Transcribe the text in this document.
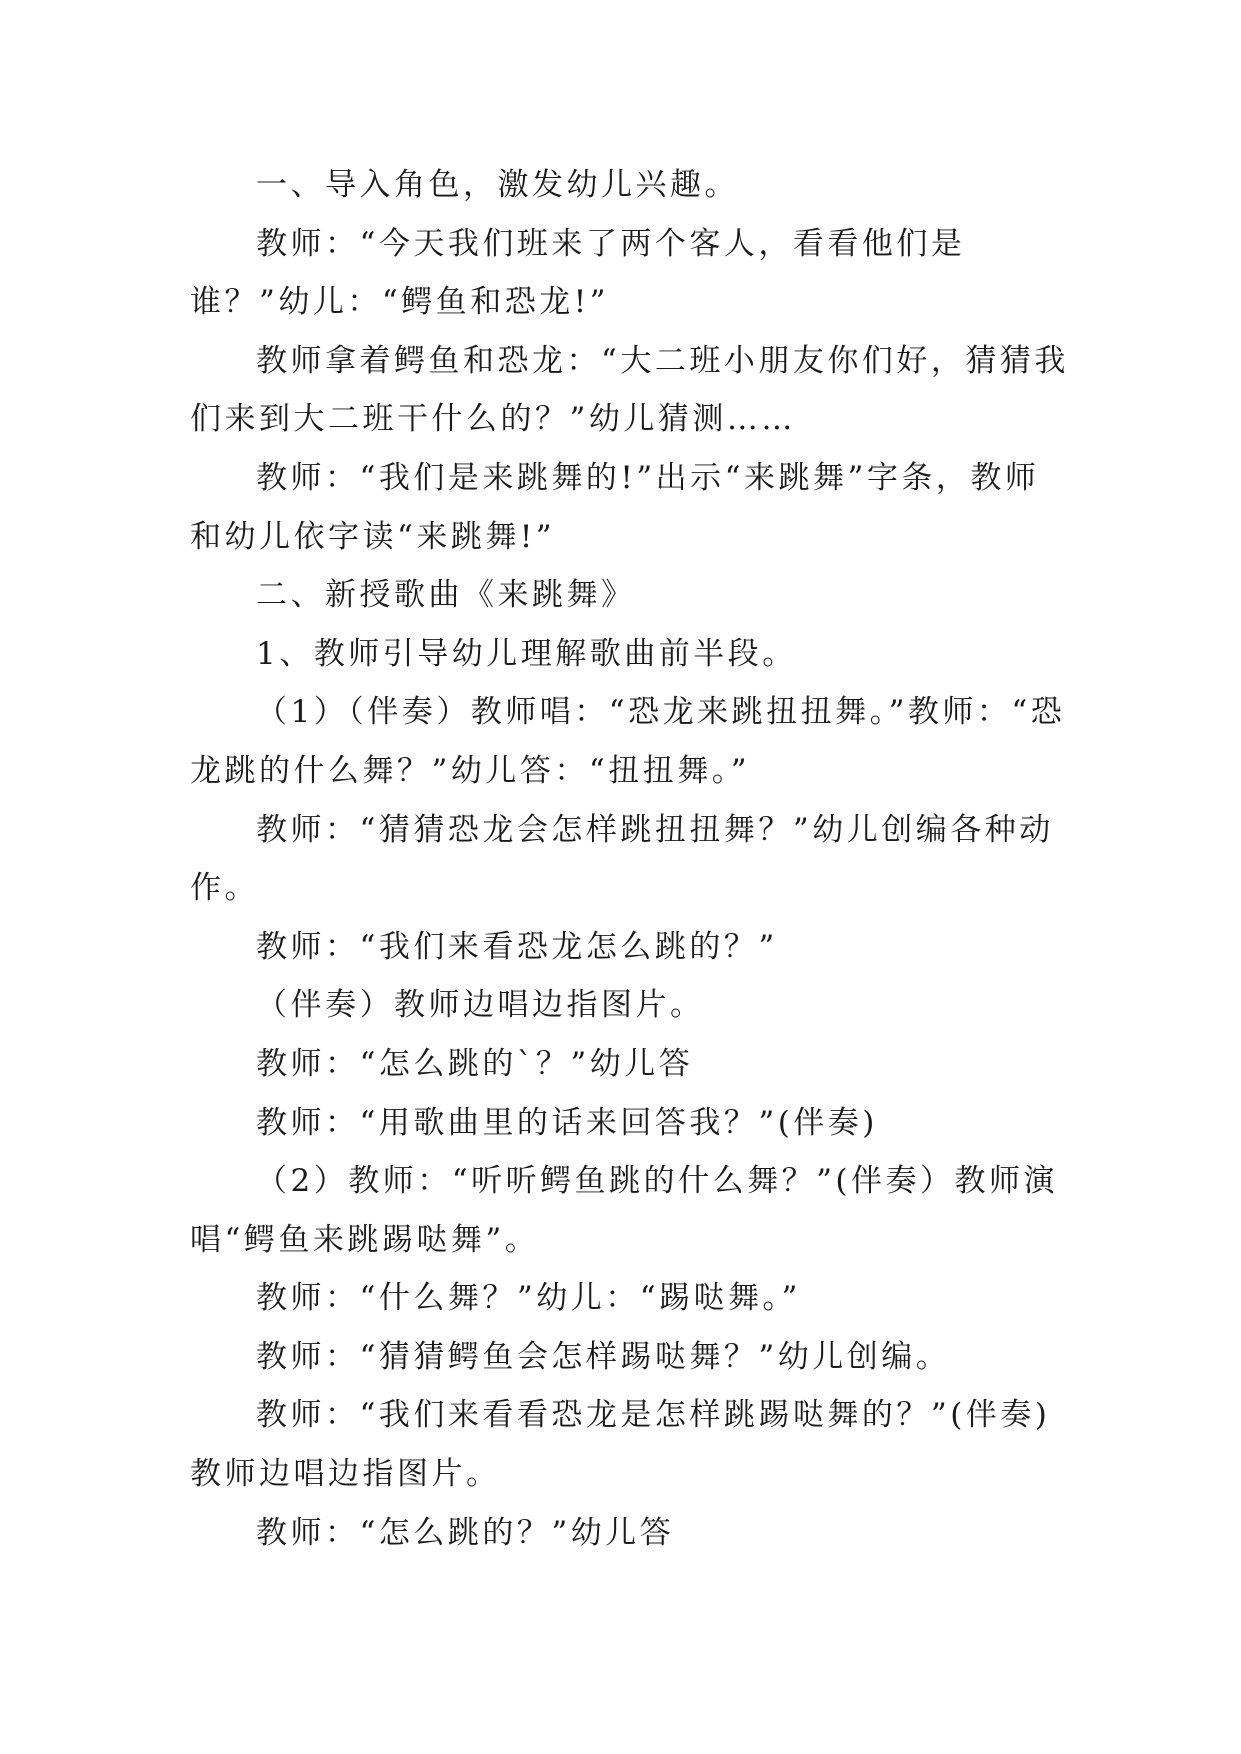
一、导入角色，激发幼儿兴趣。

教师：“今天我们班来了两个客人，看看他们是谁？”幼儿：“鳄鱼和恐龙!”

教师拿着鳄鱼和恐龙：“大二班小朋友你们好，猜猜我们来到大二班干什么的？”幼儿猜测……

教师：“我们是来跳舞的!”出示“来跳舞”字条，教师和幼儿依字读“来跳舞!”

二、新授歌曲《来跳舞》

1、教师引导幼儿理解歌曲前半段。

（1）（伴奏）教师唱：“恐龙来跳扭扭舞。”教师：“恐龙跳的什么舞？”幼儿答：“扭扭舞。”

教师：“猜猜恐龙会怎样跳扭扭舞？”幼儿创编各种动作。

教师：“我们来看恐龙怎么跳的？”

（伴奏）教师边唱边指图片。

教师：“怎么跳的`？”幼儿答

教师：“用歌曲里的话来回答我？”(伴奏)

（2）教师：“听听鳄鱼跳的什么舞？”(伴奏）教师演唱“鳄鱼来跳踢哒舞”。

教师：“什么舞？”幼儿：“踢哒舞。”

教师：“猜猜鳄鱼会怎样踢哒舞？”幼儿创编。

教师：“我们来看看恐龙是怎样跳踢哒舞的？”(伴奏)教师边唱边指图片。

教师：“怎么跳的？”幼儿答
